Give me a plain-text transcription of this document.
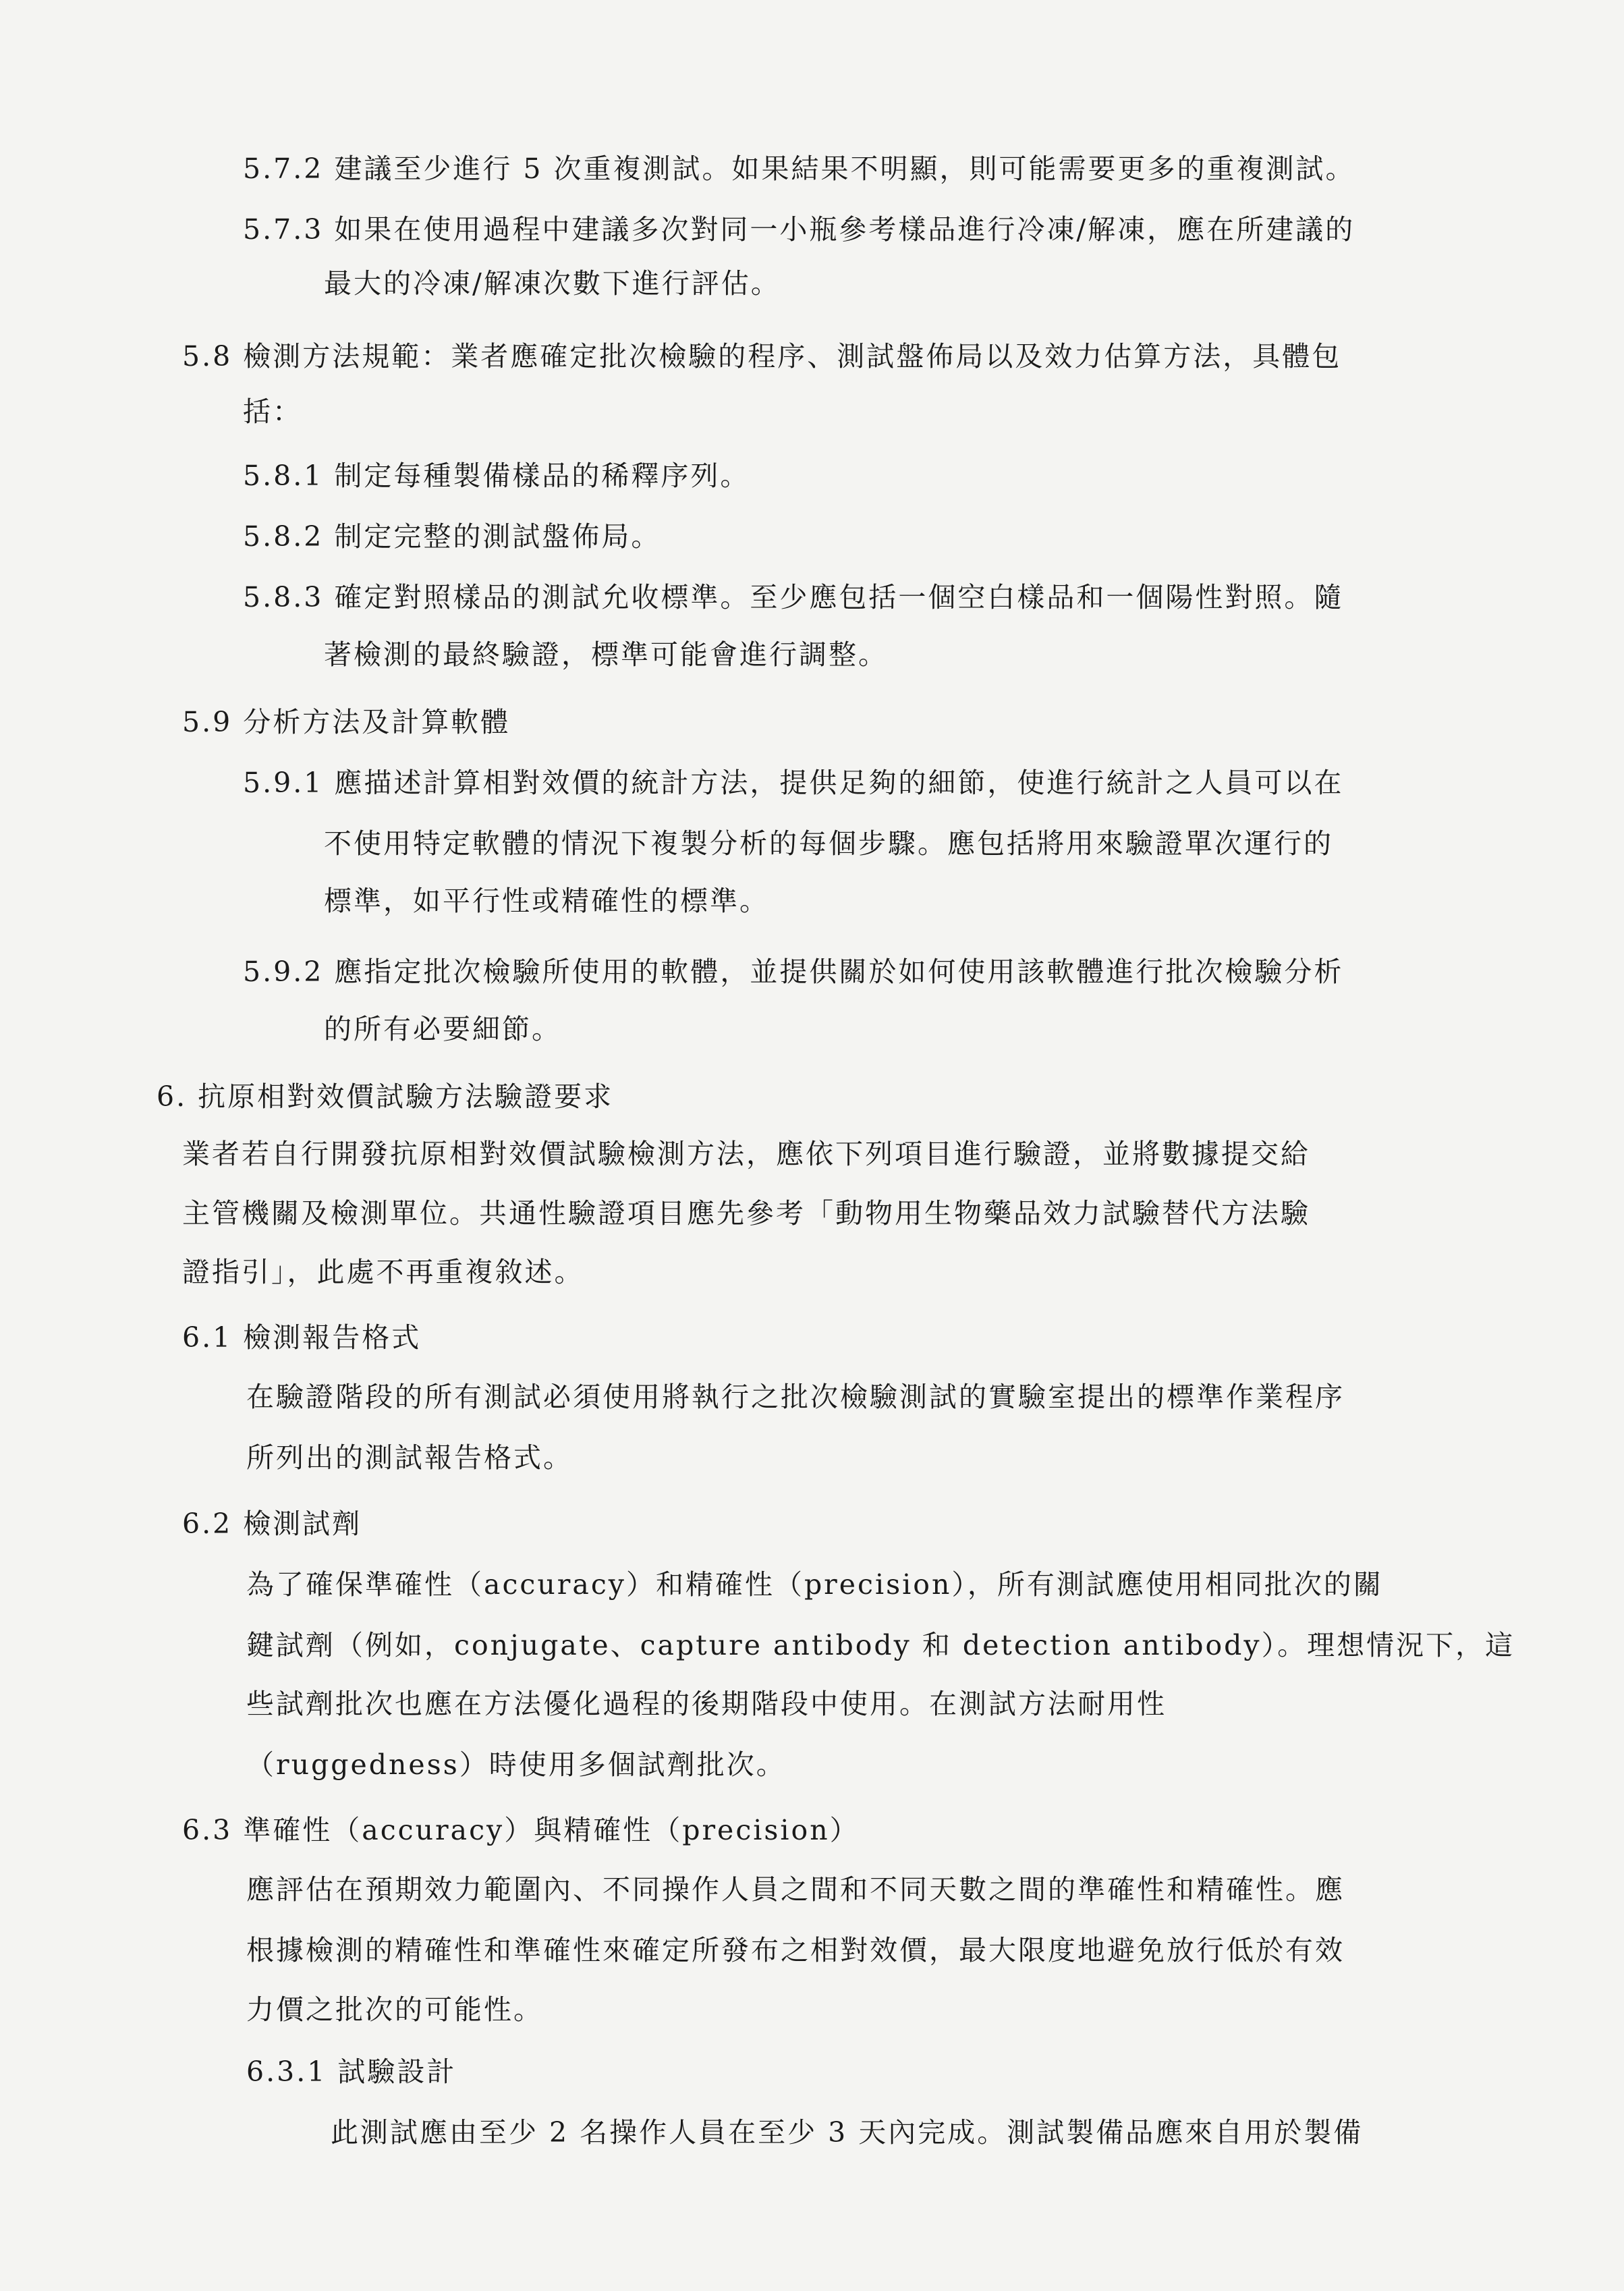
5.7.2 建議至少進行 5 次重複測試。如果結果不明顯，則可能需要更多的重複測試。
5.7.3 如果在使用過程中建議多次對同一小瓶參考樣品進行冷凍/解凍，應在所建議的
最大的冷凍/解凍次數下進行評估。
5.8 檢測方法規範：業者應確定批次檢驗的程序、測試盤佈局以及效力估算方法，具體包
括：
5.8.1 制定每種製備樣品的稀釋序列。
5.8.2 制定完整的測試盤佈局。
5.8.3 確定對照樣品的測試允收標準。至少應包括一個空白樣品和一個陽性對照。隨
著檢測的最終驗證，標準可能會進行調整。
5.9 分析方法及計算軟體
5.9.1 應描述計算相對效價的統計方法，提供足夠的細節，使進行統計之人員可以在
不使用特定軟體的情況下複製分析的每個步驟。應包括將用來驗證單次運行的
標準，如平行性或精確性的標準。
5.9.2 應指定批次檢驗所使用的軟體，並提供關於如何使用該軟體進行批次檢驗分析
的所有必要細節。
6. 抗原相對效價試驗方法驗證要求
業者若自行開發抗原相對效價試驗檢測方法，應依下列項目進行驗證，並將數據提交給
主管機關及檢測單位。共通性驗證項目應先參考「動物用生物藥品效力試驗替代方法驗
證指引」，此處不再重複敘述。
6.1 檢測報告格式
在驗證階段的所有測試必須使用將執行之批次檢驗測試的實驗室提出的標準作業程序
所列出的測試報告格式。
6.2 檢測試劑
為了確保準確性（accuracy）和精確性（precision），所有測試應使用相同批次的關
鍵試劑（例如，conjugate、capture antibody 和 detection antibody）。理想情況下，這
些試劑批次也應在方法優化過程的後期階段中使用。在測試方法耐用性
（ruggedness）時使用多個試劑批次。
6.3 準確性（accuracy）與精確性（precision）
應評估在預期效力範圍內、不同操作人員之間和不同天數之間的準確性和精確性。應
根據檢測的精確性和準確性來確定所發布之相對效價，最大限度地避免放行低於有效
力價之批次的可能性。
6.3.1 試驗設計
此測試應由至少 2 名操作人員在至少 3 天內完成。測試製備品應來自用於製備
